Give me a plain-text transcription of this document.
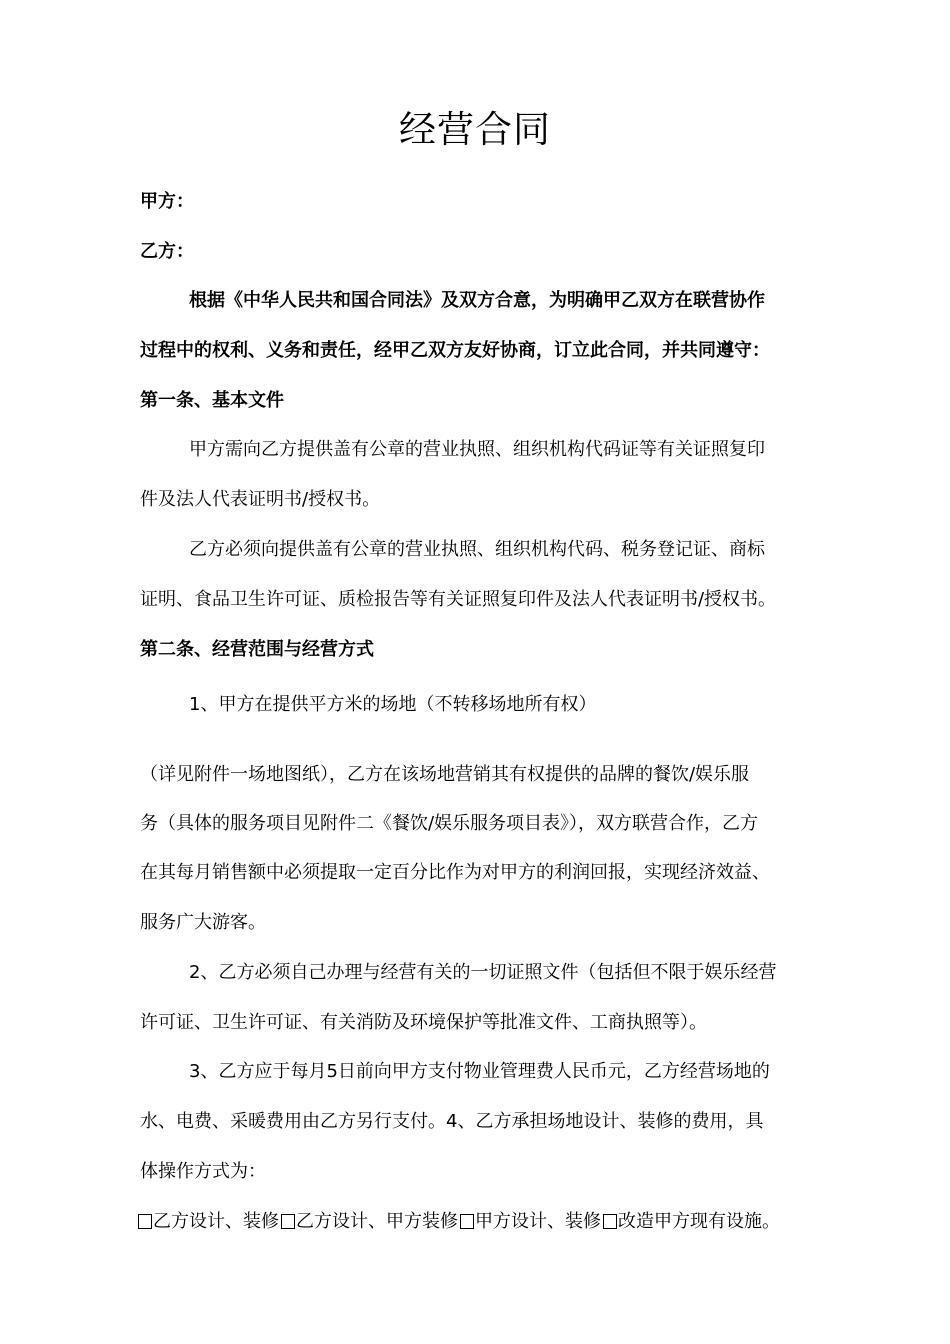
经营合同

甲方：

乙方：

根据《中华人民共和国合同法》及双方合意，为明确甲乙双方在联营协作

过程中的权利、义务和责任，经甲乙双方友好协商，订立此合同，并共同遵守：

第一条、基本文件

甲方需向乙方提供盖有公章的营业执照、组织机构代码证等有关证照复印

件及法人代表证明书/授权书。

乙方必须向提供盖有公章的营业执照、组织机构代码、税务登记证、商标

证明、食品卫生许可证、质检报告等有关证照复印件及法人代表证明书/授权书。

第二条、经营范围与经营方式

1、甲方在提供平方米的场地（不转移场地所有权）

（详见附件一场地图纸），乙方在该场地营销其有权提供的品牌的餐饮/娱乐服

务（具体的服务项目见附件二《餐饮/娱乐服务项目表》），双方联营合作，乙方

在其每月销售额中必须提取一定百分比作为对甲方的利润回报，实现经济效益、

服务广大游客。

2、乙方必须自己办理与经营有关的一切证照文件（包括但不限于娱乐经营

许可证、卫生许可证、有关消防及环境保护等批准文件、工商执照等）。

3、乙方应于每月5日前向甲方支付物业管理费人民币元，乙方经营场地的

水、电费、采暖费用由乙方另行支付。4、乙方承担场地设计、装修的费用，具

体操作方式为：

乙方设计、装修 乙方设计、甲方装修 甲方设计、装修 改造甲方现有设施。
